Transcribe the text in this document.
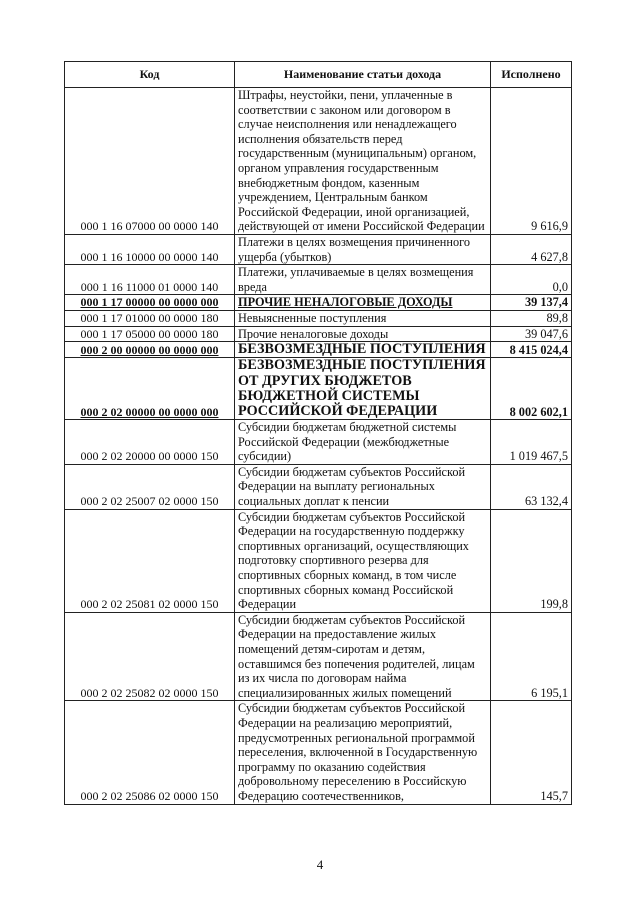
Код	Наименование статьи дохода	Исполнено
000 1 16 07000 00 0000 140	Штрафы, неустойки, пени, уплаченные в соответствии с законом или договором в случае неисполнения или ненадлежащего исполнения обязательств перед государственным (муниципальным) органом, органом управления государственным внебюджетным фондом, казенным учреждением, Центральным банком Российской Федерации, иной организацией, действующей от имени Российской Федерации	9 616,9
000 1 16 10000 00 0000 140	Платежи в целях возмещения причиненного ущерба (убытков)	4 627,8
000 1 16 11000 01 0000 140	Платежи, уплачиваемые в целях возмещения вреда	0,0
000 1 17 00000 00 0000 000	ПРОЧИЕ НЕНАЛОГОВЫЕ ДОХОДЫ	39 137,4
000 1 17 01000 00 0000 180	Невыясненные поступления	89,8
000 1 17 05000 00 0000 180	Прочие неналоговые доходы	39 047,6
000 2 00 00000 00 0000 000	БЕЗВОЗМЕЗДНЫЕ ПОСТУПЛЕНИЯ	8 415 024,4
000 2 02 00000 00 0000 000	БЕЗВОЗМЕЗДНЫЕ ПОСТУПЛЕНИЯ ОТ ДРУГИХ БЮДЖЕТОВ БЮДЖЕТНОЙ СИСТЕМЫ РОССИЙСКОЙ ФЕДЕРАЦИИ	8 002 602,1
000 2 02 20000 00 0000 150	Субсидии бюджетам бюджетной системы Российской Федерации (межбюджетные субсидии)	1 019 467,5
000 2 02 25007 02 0000 150	Субсидии бюджетам субъектов Российской Федерации на выплату региональных социальных доплат к пенсии	63 132,4
000 2 02 25081 02 0000 150	Субсидии бюджетам субъектов Российской Федерации на государственную поддержку спортивных организаций, осуществляющих подготовку спортивного резерва для спортивных сборных команд, в том числе спортивных сборных команд Российской Федерации	199,8
000 2 02 25082 02 0000 150	Субсидии бюджетам субъектов Российской Федерации на предоставление жилых помещений детям-сиротам и детям, оставшимся без попечения родителей, лицам из их числа по договорам найма специализированных жилых помещений	6 195,1
000 2 02 25086 02 0000 150	Субсидии бюджетам субъектов Российской Федерации на реализацию мероприятий, предусмотренных региональной программой переселения, включенной в Государственную программу по оказанию содействия добровольному переселению в Российскую Федерацию соотечественников,	145,7
4
